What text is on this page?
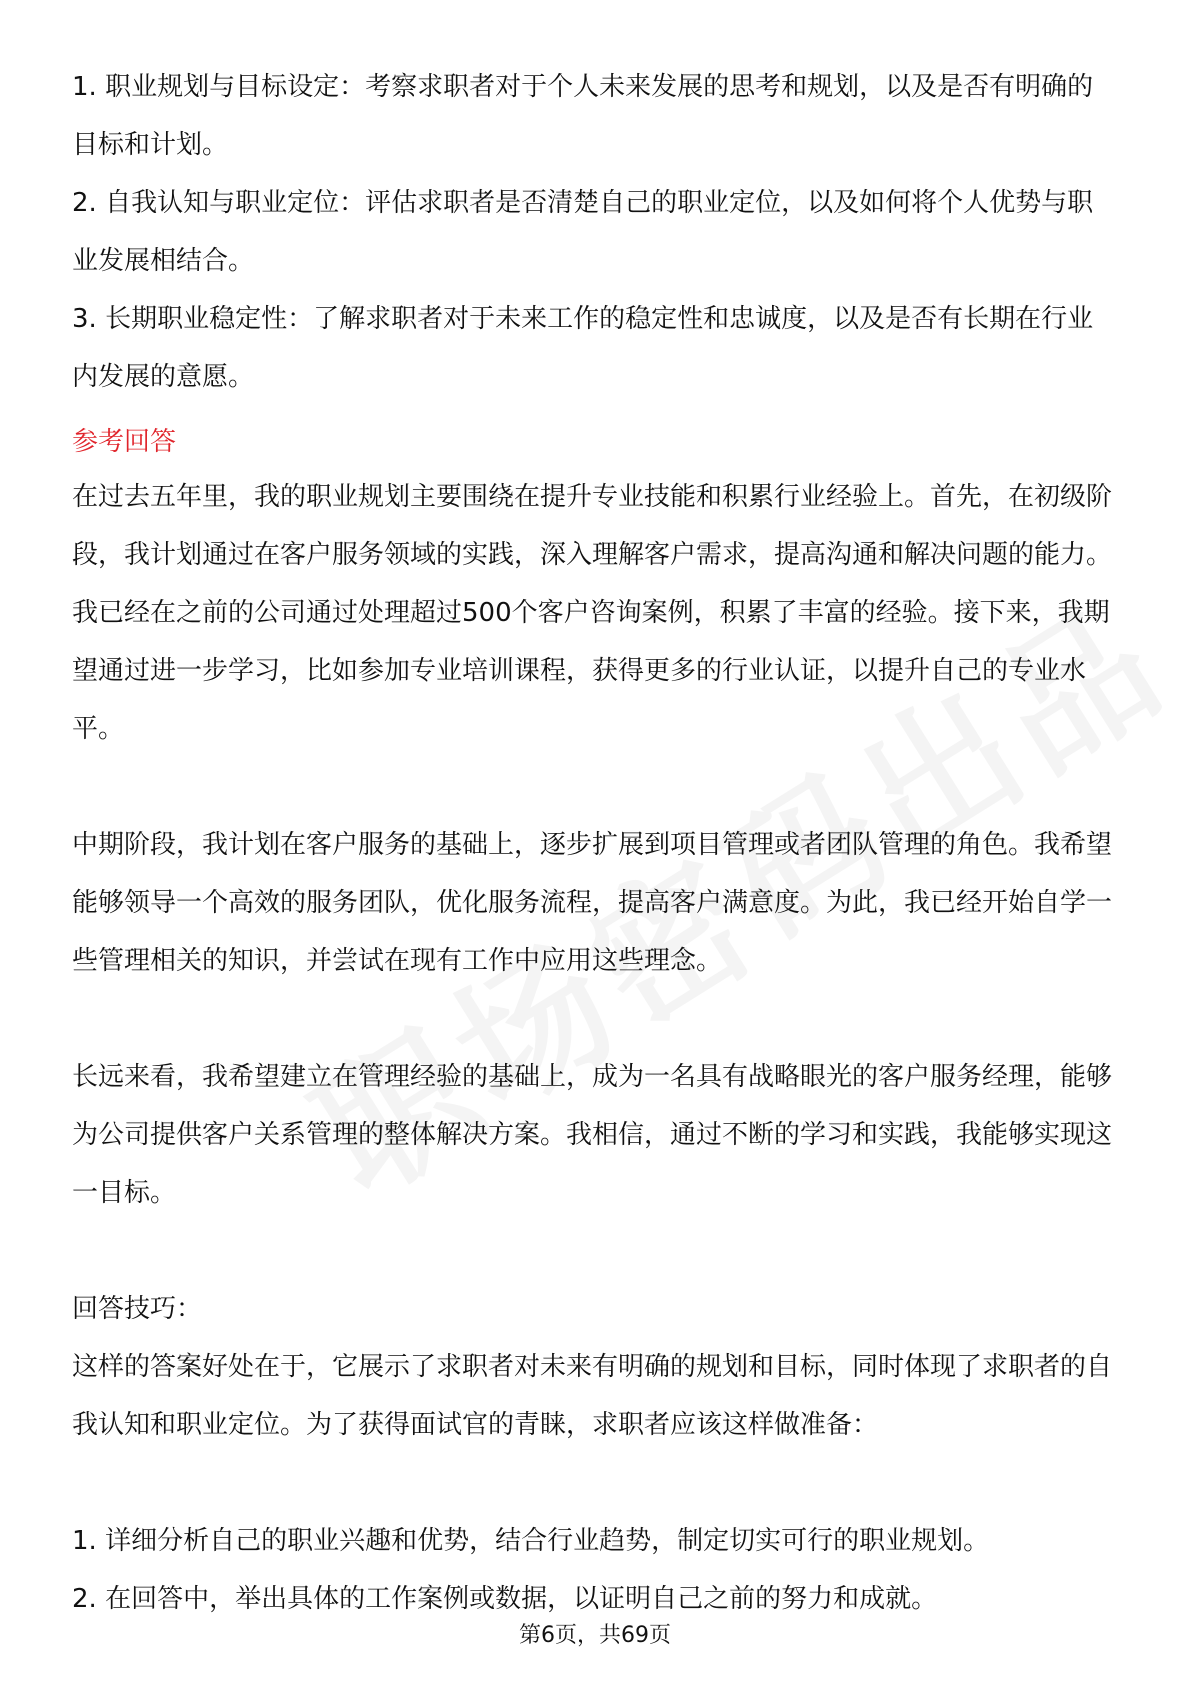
1. 职业规划与目标设定：考察求职者对于个人未来发展的思考和规划，以及是否有明确的目标和计划。

2. 自我认知与职业定位：评估求职者是否清楚自己的职业定位，以及如何将个人优势与职业发展相结合。

3. 长期职业稳定性：了解求职者对于未来工作的稳定性和忠诚度，以及是否有长期在行业内发展的意愿。

参考回答

在过去五年里，我的职业规划主要围绕在提升专业技能和积累行业经验上。首先，在初级阶段，我计划通过在客户服务领域的实践，深入理解客户需求，提高沟通和解决问题的能力。我已经在之前的公司通过处理超过500个客户咨询案例，积累了丰富的经验。接下来，我期望通过进一步学习，比如参加专业培训课程，获得更多的行业认证，以提升自己的专业水平。

中期阶段，我计划在客户服务的基础上，逐步扩展到项目管理或者团队管理的角色。我希望能够领导一个高效的服务团队，优化服务流程，提高客户满意度。为此，我已经开始自学一些管理相关的知识，并尝试在现有工作中应用这些理念。

长远来看，我希望建立在管理经验的基础上，成为一名具有战略眼光的客户服务经理，能够为公司提供客户关系管理的整体解决方案。我相信，通过不断的学习和实践，我能够实现这一目标。

回答技巧：

这样的答案好处在于，它展示了求职者对未来有明确的规划和目标，同时体现了求职者的自我认知和职业定位。为了获得面试官的青睐，求职者应该这样做准备：

1. 详细分析自己的职业兴趣和优势，结合行业趋势，制定切实可行的职业规划。

2. 在回答中，举出具体的工作案例或数据，以证明自己之前的努力和成就。

第6页，共69页
